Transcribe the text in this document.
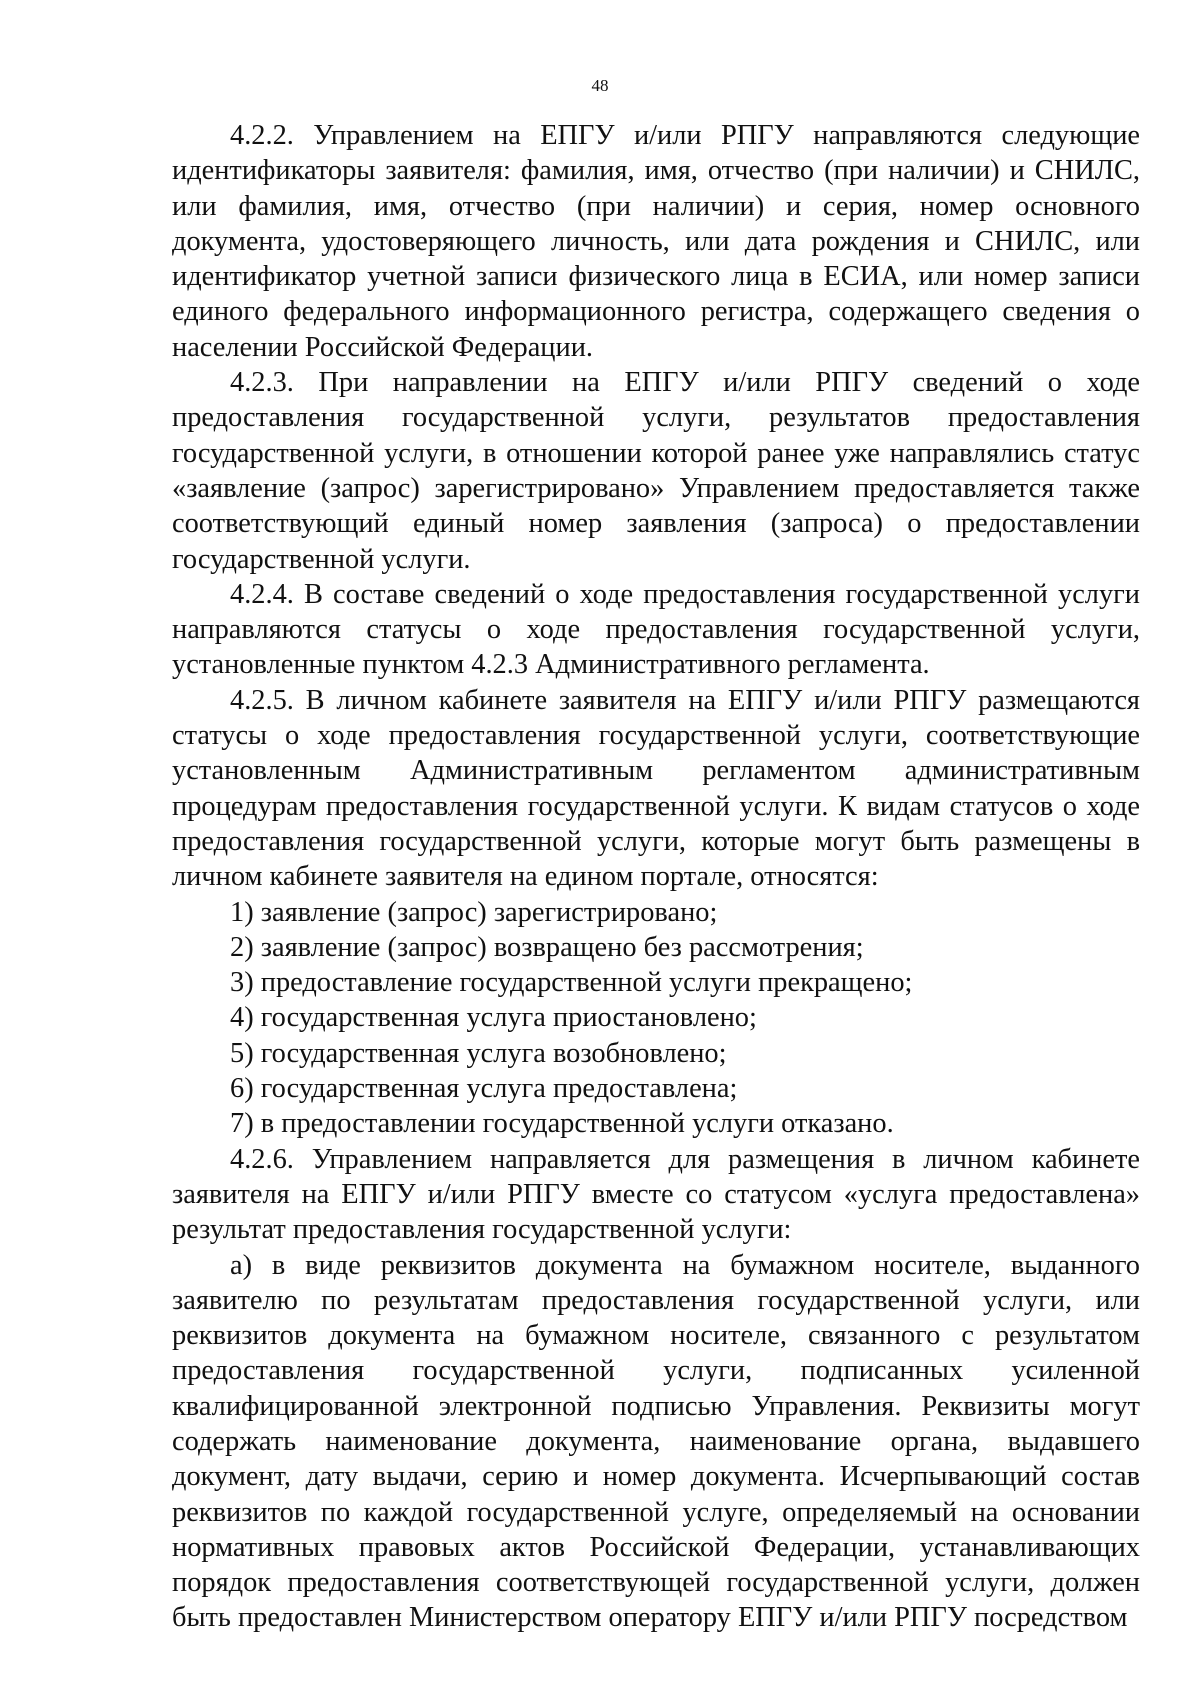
48

4.2.2. Управлением на ЕПГУ и/или РПГУ направляются следующие идентификаторы заявителя: фамилия, имя, отчество (при наличии) и СНИЛС, или фамилия, имя, отчество (при наличии) и серия, номер основного документа, удостоверяющего личность, или дата рождения и СНИЛС, или идентификатор учетной записи физического лица в ЕСИА, или номер записи единого федерального информационного регистра, содержащего сведения о населении Российской Федерации.

4.2.3. При направлении на ЕПГУ и/или РПГУ сведений о ходе предоставления государственной услуги, результатов предоставления государственной услуги, в отношении которой ранее уже направлялись статус «заявление (запрос) зарегистрировано» Управлением предоставляется также соответствующий единый номер заявления (запроса) о предоставлении государственной услуги.

4.2.4. В составе сведений о ходе предоставления государственной услуги направляются статусы о ходе предоставления государственной услуги, установленные пунктом 4.2.3 Административного регламента.

4.2.5. В личном кабинете заявителя на ЕПГУ и/или РПГУ размещаются статусы о ходе предоставления государственной услуги, соответствующие установленным Административным регламентом административным процедурам предоставления государственной услуги. К видам статусов о ходе предоставления государственной услуги, которые могут быть размещены в личном кабинете заявителя на едином портале, относятся:

1) заявление (запрос) зарегистрировано;

2) заявление (запрос) возвращено без рассмотрения;

3) предоставление государственной услуги прекращено;

4) государственная услуга приостановлено;

5) государственная услуга возобновлено;

6) государственная услуга предоставлена;

7) в предоставлении государственной услуги отказано.

4.2.6. Управлением направляется для размещения в личном кабинете заявителя на ЕПГУ и/или РПГУ вместе со статусом «услуга предоставлена» результат предоставления государственной услуги:

а) в виде реквизитов документа на бумажном носителе, выданного заявителю по результатам предоставления государственной услуги, или реквизитов документа на бумажном носителе, связанного с результатом предоставления государственной услуги, подписанных усиленной квалифицированной электронной подписью Управления. Реквизиты могут содержать наименование документа, наименование органа, выдавшего документ, дату выдачи, серию и номер документа. Исчерпывающий состав реквизитов по каждой государственной услуге, определяемый на основании нормативных правовых актов Российской Федерации, устанавливающих порядок предоставления соответствующей государственной услуги, должен быть предоставлен Министерством оператору ЕПГУ и/или РПГУ посредством
